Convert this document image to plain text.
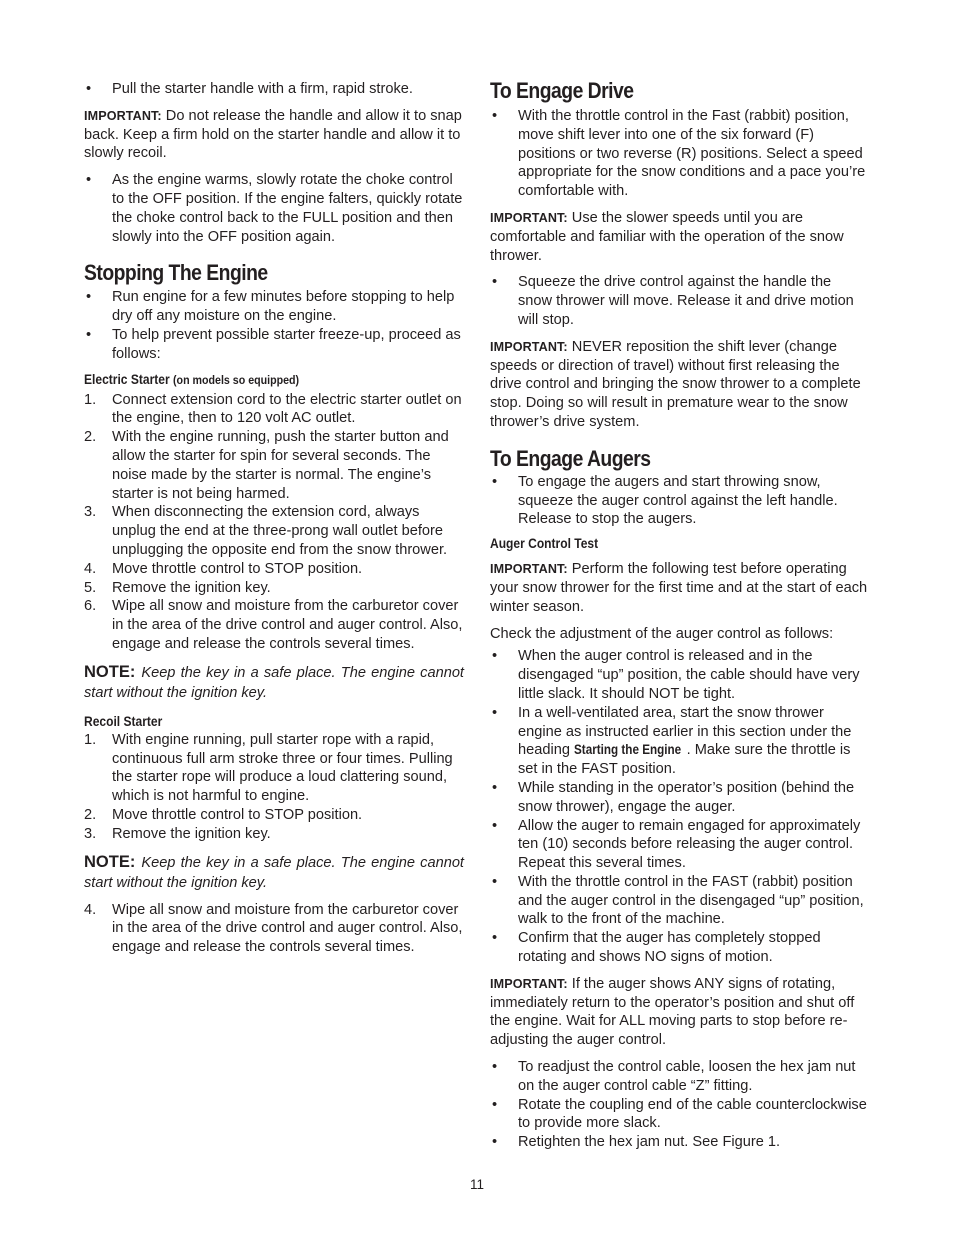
• Pull the starter handle with a firm, rapid stroke.

IMPORTANT: Do not release the handle and allow it to snap back. Keep a firm hold on the starter handle and allow it to slowly recoil.

• As the engine warms, slowly rotate the choke control to the OFF position. If the engine falters, quickly rotate the choke control back to the FULL position and then slowly into the OFF position again.
Stopping The Engine
• Run engine for a few minutes before stopping to help dry off any moisture on the engine.
• To help prevent possible starter freeze-up, proceed as follows:
Electric Starter (on models so equipped)
1. Connect extension cord to the electric starter outlet on the engine, then to 120 volt AC outlet.
2. With the engine running, push the starter button and allow the starter for spin for several seconds. The noise made by the starter is normal. The engine’s starter is not being harmed.
3. When disconnecting the extension cord, always unplug the end at the three-prong wall outlet before unplugging the opposite end from the snow thrower.
4. Move throttle control to STOP position.
5. Remove the ignition key.
6. Wipe all snow and moisture from the carburetor cover in the area of the drive control and auger control. Also, engage and release the controls several times.

NOTE: Keep the key in a safe place. The engine cannot start without the ignition key.

Recoil Starter
1. With engine running, pull starter rope with a rapid, continuous full arm stroke three or four times. Pulling the starter rope will produce a loud clattering sound, which is not harmful to engine.
2. Move throttle control to STOP position.
3. Remove the ignition key.

NOTE: Keep the key in a safe place. The engine cannot start without the ignition key.

4. Wipe all snow and moisture from the carburetor cover in the area of the drive control and auger control. Also, engage and release the controls several times.
To Engage Drive
• With the throttle control in the Fast (rabbit) position, move shift lever into one of the six forward (F) positions or two reverse (R) positions. Select a speed appropriate for the snow conditions and a pace you’re comfortable with.

IMPORTANT: Use the slower speeds until you are comfortable and familiar with the operation of the snow thrower.

• Squeeze the drive control against the handle the snow thrower will move. Release it and drive motion will stop.

IMPORTANT: NEVER reposition the shift lever (change speeds or direction of travel) without first releasing the drive control and bringing the snow thrower to a complete stop. Doing so will result in premature wear to the snow thrower’s drive system.

To Engage Augers
• To engage the augers and start throwing snow, squeeze the auger control against the left handle. Release to stop the augers.
Auger Control Test

IMPORTANT: Perform the following test before operating your snow thrower for the first time and at the start of each winter season.

Check the adjustment of the auger control as follows:

• When the auger control is released and in the disengaged “up” position, the cable should have very little slack. It should NOT be tight.
• In a well-ventilated area, start the snow thrower engine as instructed earlier in this section under the heading Starting the Engine . Make sure the throttle is set in the FAST position.
• While standing in the operator’s position (behind the snow thrower), engage the auger.
• Allow the auger to remain engaged for approximately ten (10) seconds before releasing the auger control. Repeat this several times.
• With the throttle control in the FAST (rabbit) position and the auger control in the disengaged “up” position, walk to the front of the machine.
• Confirm that the auger has completely stopped rotating and shows NO signs of motion.

IMPORTANT: If the auger shows ANY signs of rotating, immediately return to the operator’s position and shut off the engine. Wait for ALL moving parts to stop before re-adjusting the auger control.

• To readjust the control cable, loosen the hex jam nut on the auger control cable “Z” fitting.
• Rotate the coupling end of the cable counterclockwise to provide more slack.
• Retighten the hex jam nut. See Figure 1.
11
